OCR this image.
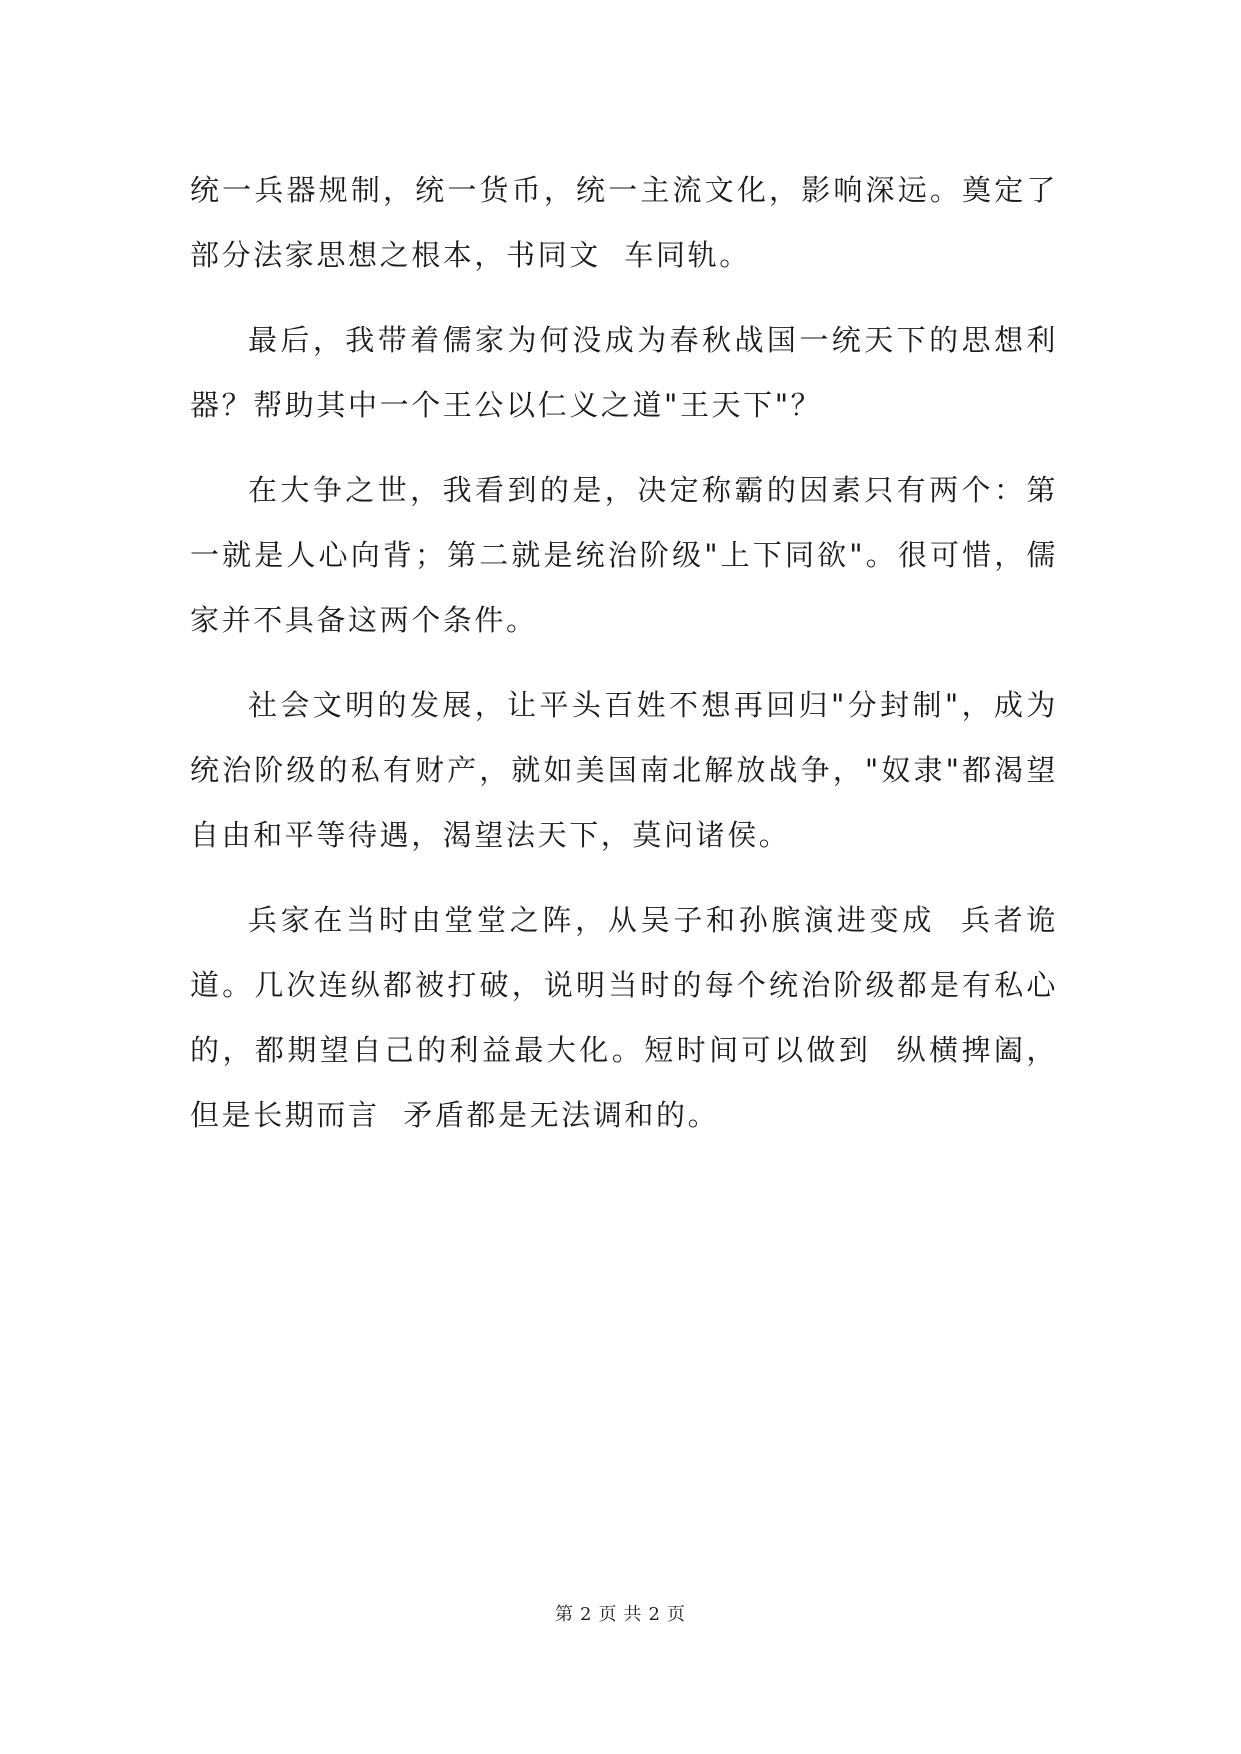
统一兵器规制，统一货币，统一主流文化，影响深远。奠定了部分法家思想之根本，书同文  车同轨。

最后，我带着儒家为何没成为春秋战国一统天下的思想利器？帮助其中一个王公以仁义之道"王天下"？

在大争之世，我看到的是，决定称霸的因素只有两个：第一就是人心向背；第二就是统治阶级"上下同欲"。很可惜，儒家并不具备这两个条件。

社会文明的发展，让平头百姓不想再回归"分封制"，成为统治阶级的私有财产，就如美国南北解放战争，"奴隶"都渴望自由和平等待遇，渴望法天下，莫问诸侯。

兵家在当时由堂堂之阵，从吴子和孙膑演进变成  兵者诡道。几次连纵都被打破，说明当时的每个统治阶级都是有私心的，都期望自己的利益最大化。短时间可以做到  纵横捭阖，但是长期而言  矛盾都是无法调和的。

第 2 页 共 2 页
